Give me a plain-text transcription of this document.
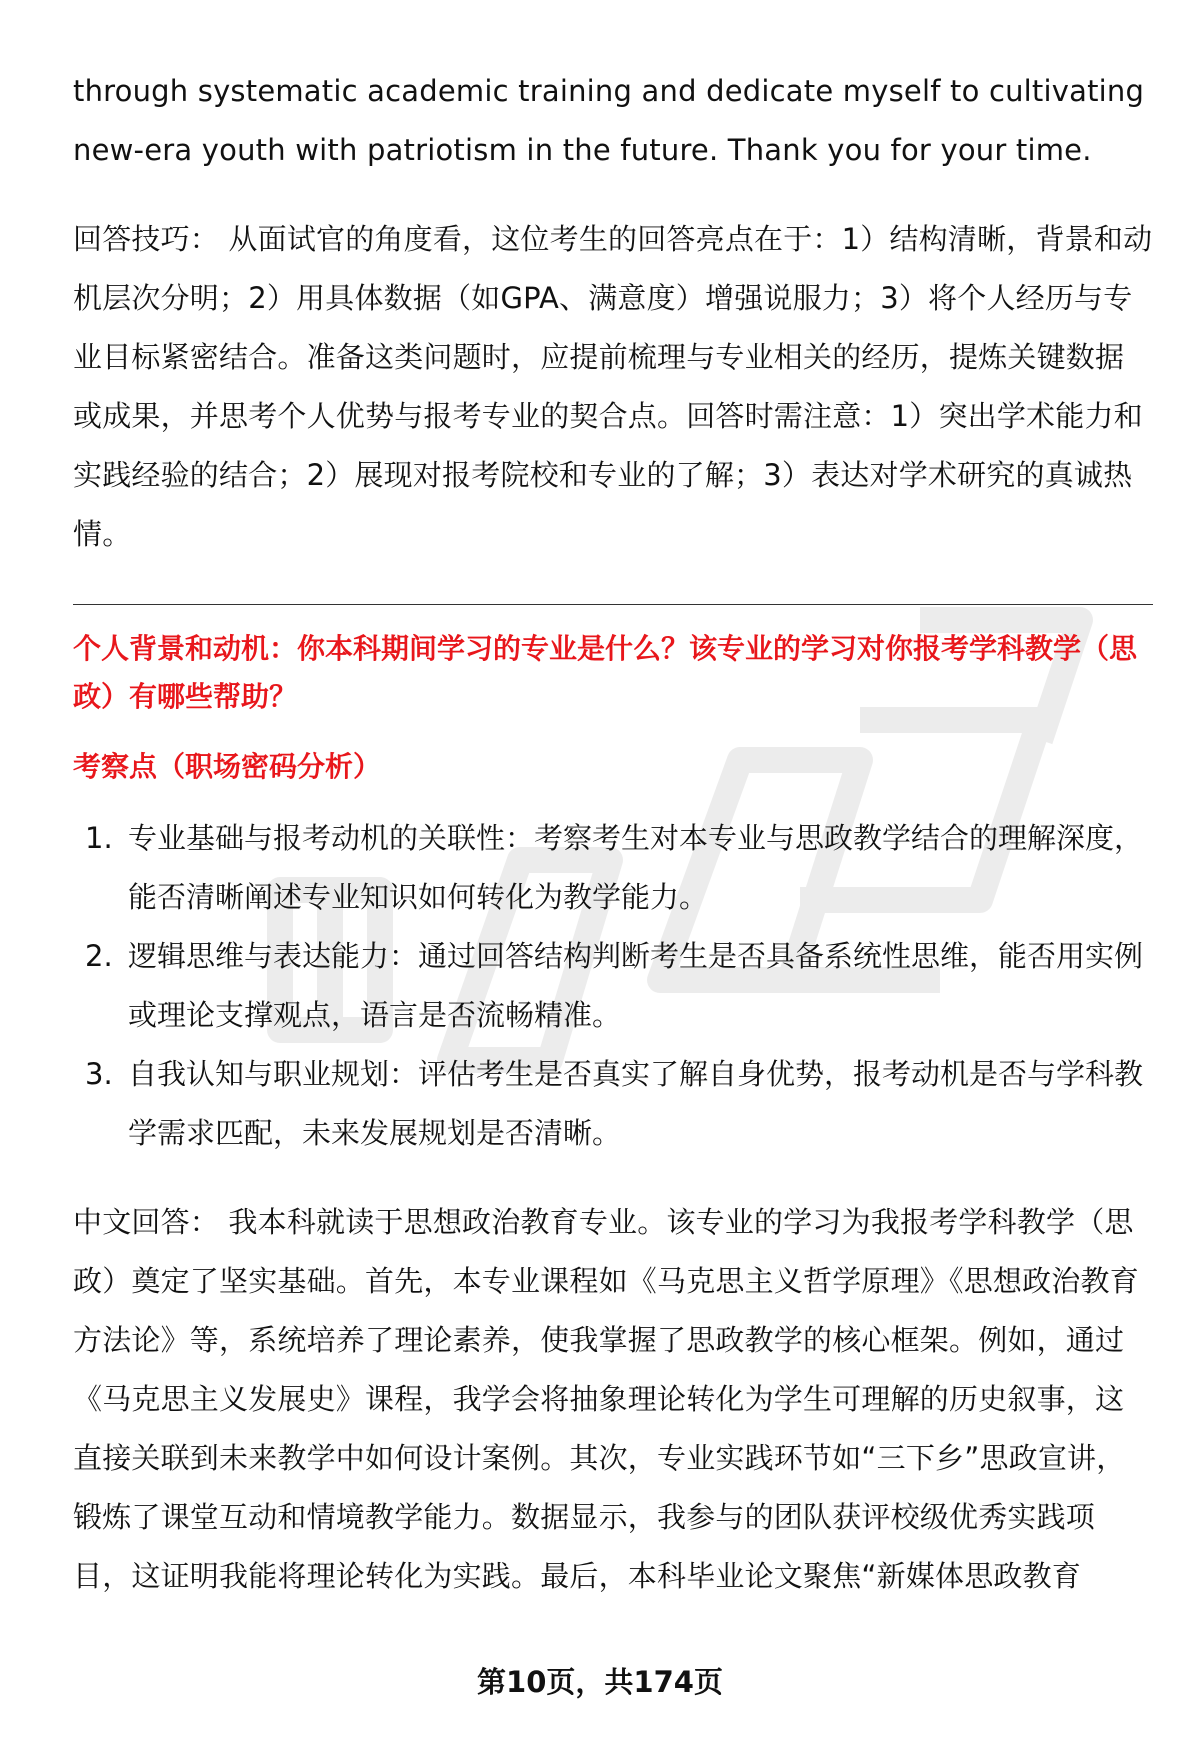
through systematic academic training and dedicate myself to cultivating

new-era youth with patriotism in the future. Thank you for your time.

回答技巧： 从面试官的角度看，这位考生的回答亮点在于：1）结构清晰，背景和动机层次分明；2）用具体数据（如GPA、满意度）增强说服力；3）将个人经历与专业目标紧密结合。准备这类问题时，应提前梳理与专业相关的经历，提炼关键数据或成果，并思考个人优势与报考专业的契合点。回答时需注意：1）突出学术能力和实践经验的结合；2）展现对报考院校和专业的了解；3）表达对学术研究的真诚热情。

个人背景和动机：你本科期间学习的专业是什么？该专业的学习对你报考学科教学（思政）有哪些帮助？

考察点（职场密码分析）

1. 专业基础与报考动机的关联性：考察考生对本专业与思政教学结合的理解深度，能否清晰阐述专业知识如何转化为教学能力。
2. 逻辑思维与表达能力：通过回答结构判断考生是否具备系统性思维，能否用实例或理论支撑观点，语言是否流畅精准。
3. 自我认知与职业规划：评估考生是否真实了解自身优势，报考动机是否与学科教学需求匹配，未来发展规划是否清晰。

中文回答： 我本科就读于思想政治教育专业。该专业的学习为我报考学科教学（思政）奠定了坚实基础。首先，本专业课程如《马克思主义哲学原理》《思想政治教育方法论》等，系统培养了理论素养，使我掌握了思政教学的核心框架。例如，通过《马克思主义发展史》课程，我学会将抽象理论转化为学生可理解的历史叙事，这直接关联到未来教学中如何设计案例。其次，专业实践环节如“三下乡”思政宣讲，锻炼了课堂互动和情境教学能力。数据显示，我参与的团队获评校级优秀实践项目，这证明我能将理论转化为实践。最后，本科毕业论文聚焦“新媒体思政教育

第10页，共174页
